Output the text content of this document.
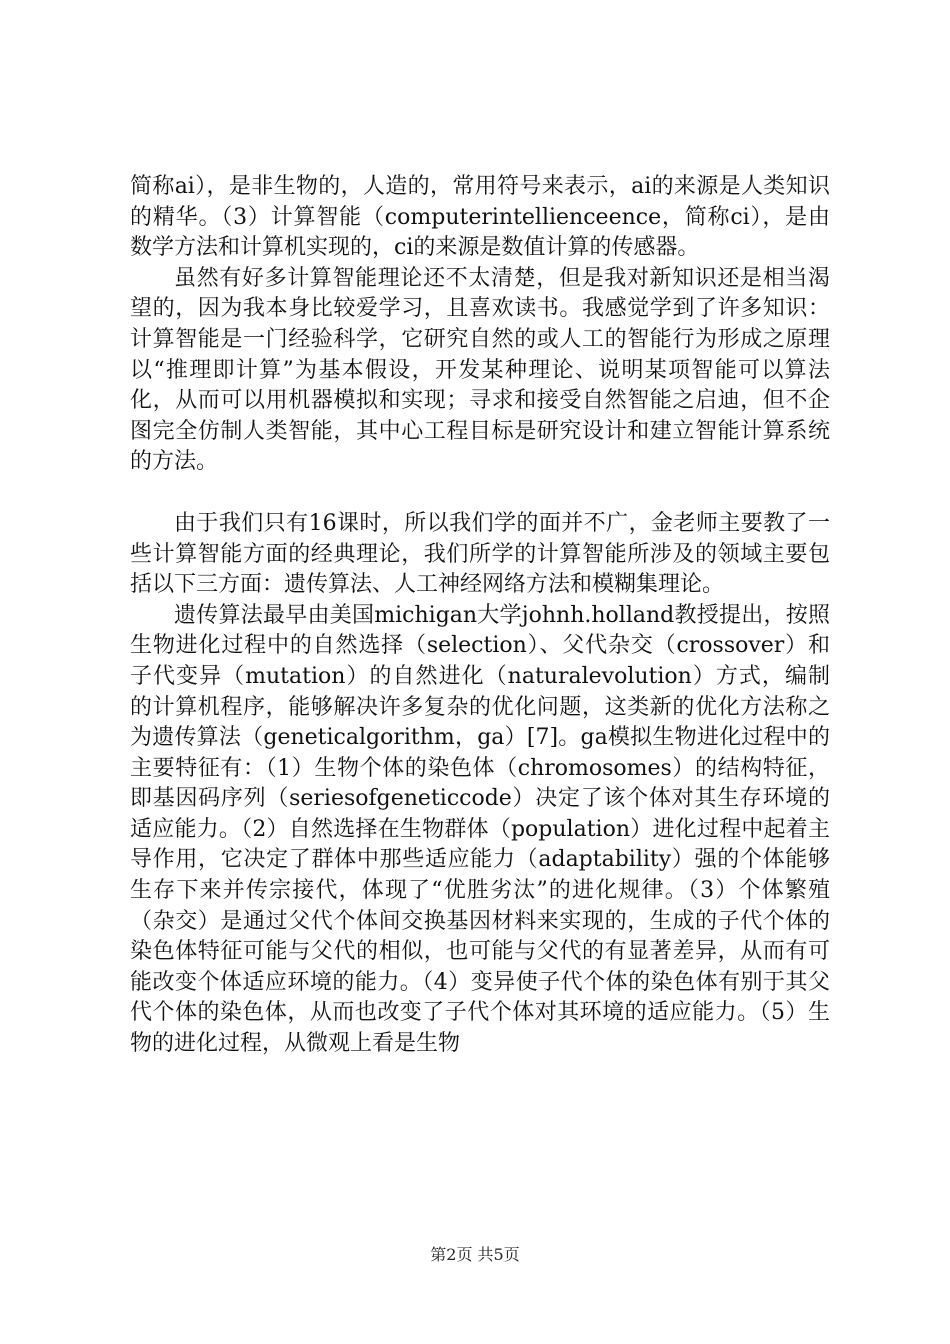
简称ai），是非生物的，人造的，常用符号来表示，ai的来源是人类知识的精华。（3）计算智能（computerintellienceence，简称ci），是由数学方法和计算机实现的，ci的来源是数值计算的传感器。

虽然有好多计算智能理论还不太清楚，但是我对新知识还是相当渴望的，因为我本身比较爱学习，且喜欢读书。我感觉学到了许多知识：计算智能是一门经验科学，它研究自然的或人工的智能行为形成之原理以“推理即计算”为基本假设，开发某种理论、说明某项智能可以算法化，从而可以用机器模拟和实现；寻求和接受自然智能之启迪，但不企图完全仿制人类智能，其中心工程目标是研究设计和建立智能计算系统的方法。

由于我们只有16课时，所以我们学的面并不广，金老师主要教了一些计算智能方面的经典理论，我们所学的计算智能所涉及的领域主要包括以下三方面：遗传算法、人工神经网络方法和模糊集理论。

遗传算法最早由美国michigan大学johnh.holland教授提出，按照生物进化过程中的自然选择（selection）、父代杂交（crossover）和子代变异（mutation）的自然进化（naturalevolution）方式，编制的计算机程序，能够解决许多复杂的优化问题，这类新的优化方法称之为遗传算法（geneticalgorithm，ga）[7]。ga模拟生物进化过程中的主要特征有：（1）生物个体的染色体（chromosomes）的结构特征，即基因码序列（seriesofgeneticcode）决定了该个体对其生存环境的适应能力。（2）自然选择在生物群体（population）进化过程中起着主导作用，它决定了群体中那些适应能力（adaptability）强的个体能够生存下来并传宗接代，体现了“优胜劣汰”的进化规律。（3）个体繁殖（杂交）是通过父代个体间交换基因材料来实现的，生成的子代个体的染色体特征可能与父代的相似，也可能与父代的有显著差异，从而有可能改变个体适应环境的能力。（4）变异使子代个体的染色体有别于其父代个体的染色体，从而也改变了子代个体对其环境的适应能力。（5）生物的进化过程，从微观上看是生物

第2页 共5页
